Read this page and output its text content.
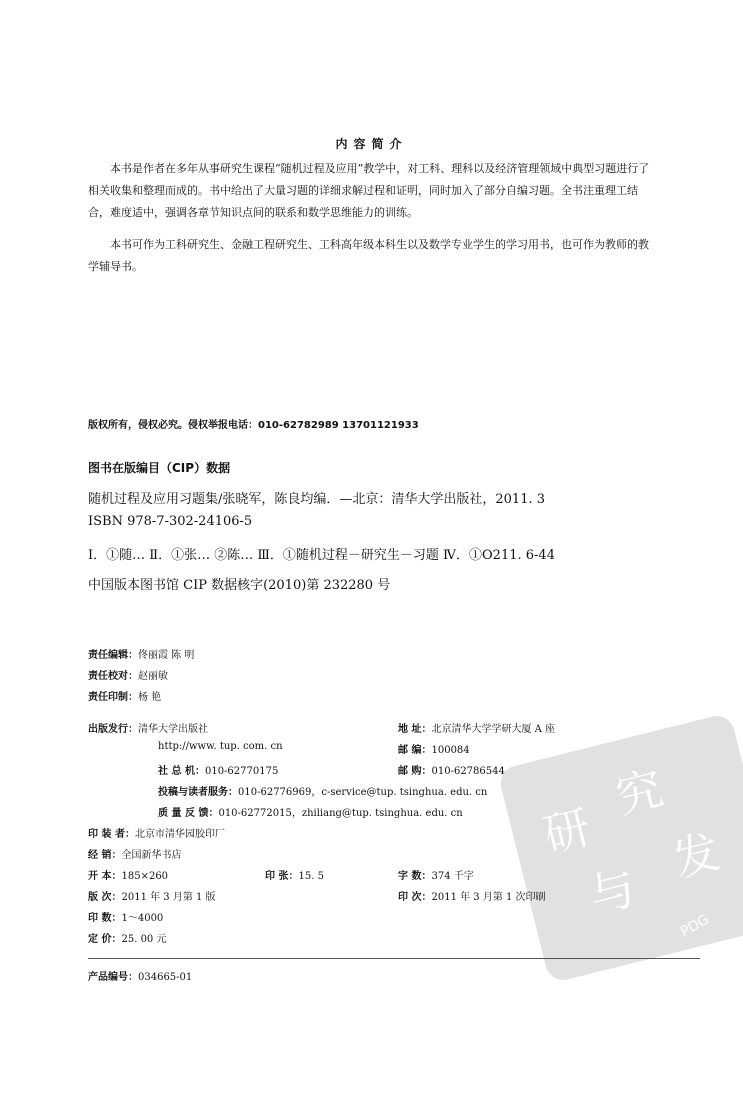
内容简介
本书是作者在多年从事研究生课程“随机过程及应用”教学中，对工科、理科以及经济管理领域中典型习题进行了相关收集和整理而成的。书中给出了大量习题的详细求解过程和证明，同时加入了部分自编习题。全书注重理工结合，难度适中，强调各章节知识点间的联系和数学思维能力的训练。
本书可作为工科研究生、金融工程研究生、工科高年级本科生以及数学专业学生的学习用书，也可作为教师的教学辅导书。
版权所有，侵权必究。侵权举报电话：010-62782989 13701121933
图书在版编目（CIP）数据
随机过程及应用习题集/张晓军，陈良均编．—北京：清华大学出版社，2011. 3
ISBN 978-7-302-24106-5
Ⅰ．①随… Ⅱ．①张… ②陈… Ⅲ．①随机过程－研究生－习题 Ⅳ．①O211. 6-44
中国版本图书馆 CIP 数据核字(2010)第 232280 号
责任编辑：佟丽霞 陈 明
责任校对：赵丽敏
责任印制：杨 艳
研
究
与
发
PDG
出版发行：清华大学出版社	地 址：北京清华大学学研大厦 A 座
http://www. tup. com. cn	邮 编：100084
社 总 机：010-62770175	邮 购：010-62786544
投稿与读者服务：010-62776969，c-service@tup. tsinghua. edu. cn
质 量 反 馈：010-62772015，zhiliang@tup. tsinghua. edu. cn
印 装 者：北京市清华园胶印厂
经 销：全国新华书店
开 本：185×260	印 张：15. 5	字 数：374 千字
版 次：2011 年 3 月第 1 版	印 次：2011 年 3 月第 1 次印刷
印 数：1～4000
定 价：25. 00 元
产品编号：034665-01
